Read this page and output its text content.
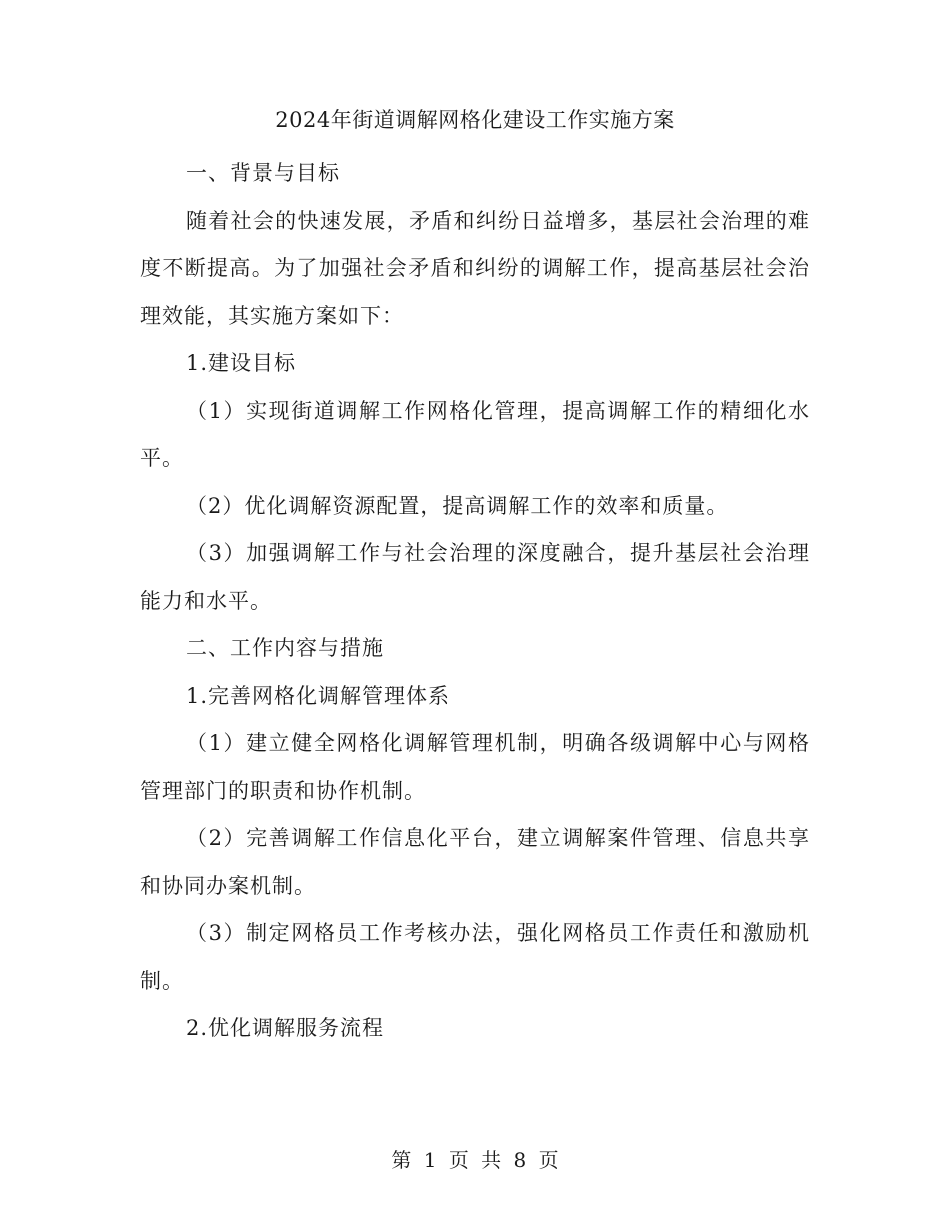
2024年街道调解网格化建设工作实施方案

一、背景与目标

随着社会的快速发展，矛盾和纠纷日益增多，基层社会治理的难度不断提高。为了加强社会矛盾和纠纷的调解工作，提高基层社会治理效能，其实施方案如下：

1.建设目标

（1）实现街道调解工作网格化管理，提高调解工作的精细化水平。

（2）优化调解资源配置，提高调解工作的效率和质量。

（3）加强调解工作与社会治理的深度融合，提升基层社会治理能力和水平。

二、工作内容与措施

1.完善网格化调解管理体系

（1）建立健全网格化调解管理机制，明确各级调解中心与网格管理部门的职责和协作机制。

（2）完善调解工作信息化平台，建立调解案件管理、信息共享和协同办案机制。

（3）制定网格员工作考核办法，强化网格员工作责任和激励机制。

2.优化调解服务流程

第 1 页 共 8 页
